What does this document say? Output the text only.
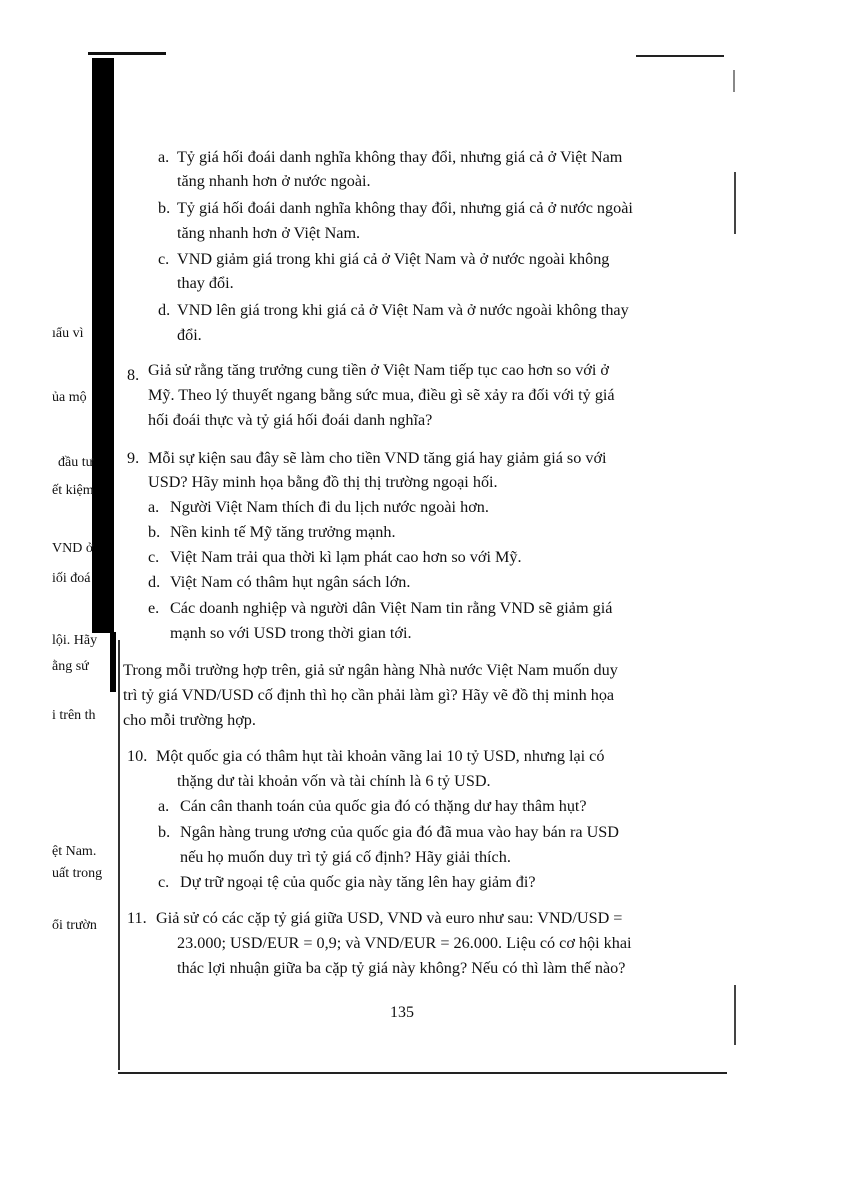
ıẩu vì
ủa mộ
đầu tư
ết kiệm
VND ở
iối đoá
lội. Hãy
ằng sứ
i trên th
ệt Nam.
uất trong
ổi trườn
a. Tỷ giá hối đoái danh nghĩa không thay đổi, nhưng giá cả ở Việt Nam
tăng nhanh hơn ở nước ngoài.
b. Tỷ giá hối đoái danh nghĩa không thay đổi, nhưng giá cả ở nước ngoài
tăng nhanh hơn ở Việt Nam.
c. VND giảm giá trong khi giá cả ở Việt Nam và ở nước ngoài không
thay đổi.
d. VND lên giá trong khi giá cả ở Việt Nam và ở nước ngoài không thay
đổi.
8. Giả sử rằng tăng trưởng cung tiền ở Việt Nam tiếp tục cao hơn so với ở
Mỹ. Theo lý thuyết ngang bằng sức mua, điều gì sẽ xảy ra đối với tỷ giá
hối đoái thực và tỷ giá hối đoái danh nghĩa?
9. Mỗi sự kiện sau đây sẽ làm cho tiền VND tăng giá hay giảm giá so với
USD? Hãy minh họa bằng đồ thị thị trường ngoại hối.
a. Người Việt Nam thích đi du lịch nước ngoài hơn.
b. Nền kinh tế Mỹ tăng trưởng mạnh.
c. Việt Nam trải qua thời kì lạm phát cao hơn so với Mỹ.
d. Việt Nam có thâm hụt ngân sách lớn.
e. Các doanh nghiệp và người dân Việt Nam tin rằng VND sẽ giảm giá
mạnh so với USD trong thời gian tới.
Trong mỗi trường hợp trên, giả sử ngân hàng Nhà nước Việt Nam muốn duy
trì tỷ giá VND/USD cố định thì họ cần phải làm gì? Hãy vẽ đồ thị minh họa
cho mỗi trường hợp.
10. Một quốc gia có thâm hụt tài khoản vãng lai 10 tỷ USD, nhưng lại có
thặng dư tài khoản vốn và tài chính là 6 tỷ USD.
a. Cán cân thanh toán của quốc gia đó có thặng dư hay thâm hụt?
b. Ngân hàng trung ương của quốc gia đó đã mua vào hay bán ra USD
nếu họ muốn duy trì tỷ giá cố định? Hãy giải thích.
c. Dự trữ ngoại tệ của quốc gia này tăng lên hay giảm đi?
11. Giả sử có các cặp tỷ giá giữa USD, VND và euro như sau: VND/USD =
23.000; USD/EUR = 0,9; và VND/EUR = 26.000. Liệu có cơ hội khai
thác lợi nhuận giữa ba cặp tỷ giá này không? Nếu có thì làm thế nào?
135
